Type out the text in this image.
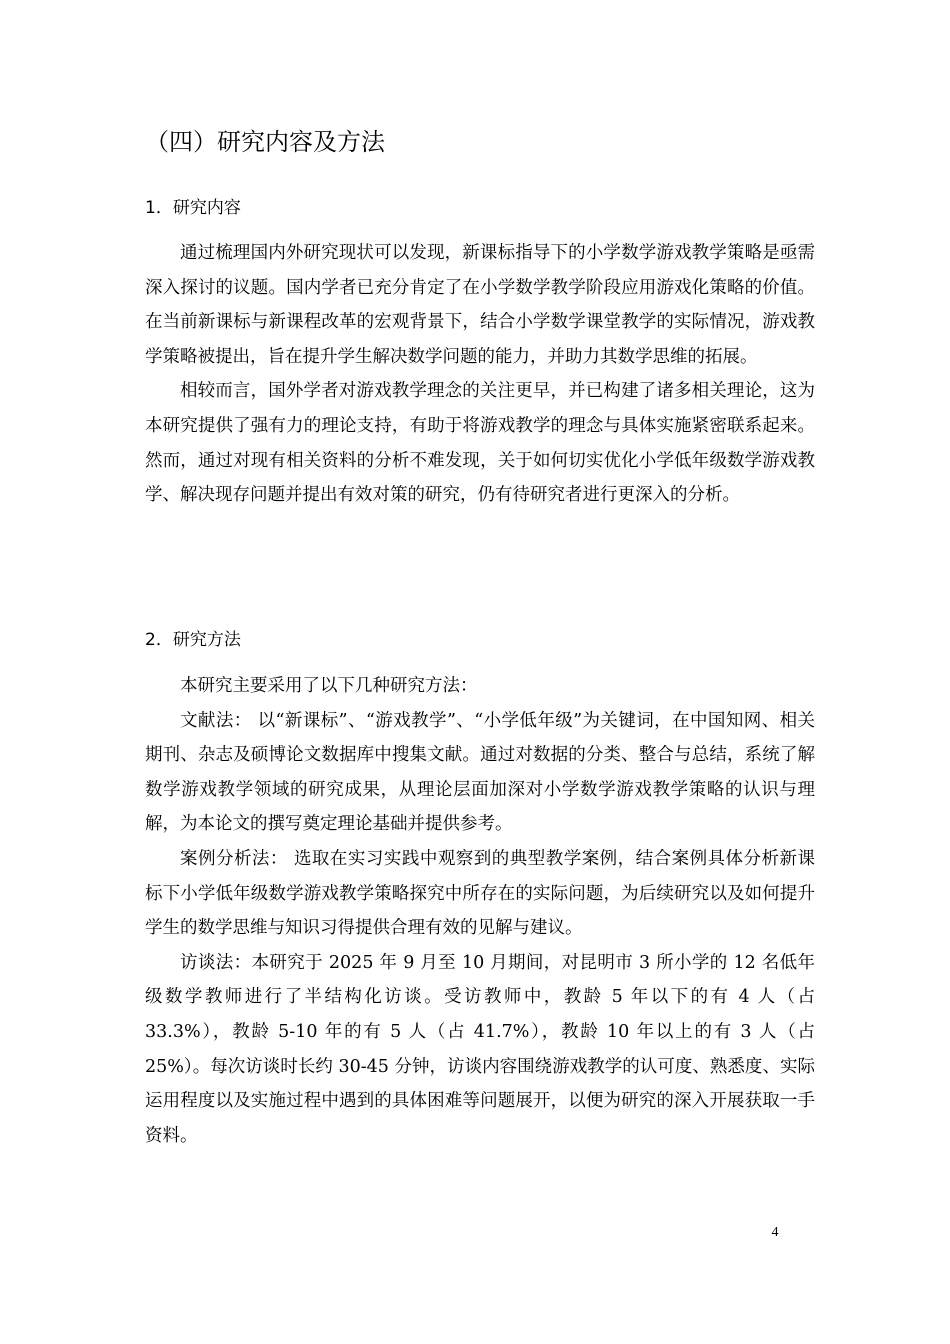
（四）研究内容及方法
1．研究内容

通过梳理国内外研究现状可以发现，新课标指导下的小学数学游戏教学策略是亟需深入探讨的议题。国内学者已充分肯定了在小学数学教学阶段应用游戏化策略的价值。在当前新课标与新课程改革的宏观背景下，结合小学数学课堂教学的实际情况，游戏教学策略被提出，旨在提升学生解决数学问题的能力，并助力其数学思维的拓展。

相较而言，国外学者对游戏教学理念的关注更早，并已构建了诸多相关理论，这为本研究提供了强有力的理论支持，有助于将游戏教学的理念与具体实施紧密联系起来。然而，通过对现有相关资料的分析不难发现，关于如何切实优化小学低年级数学游戏教学、解决现存问题并提出有效对策的研究，仍有待研究者进行更深入的分析。

2．研究方法

本研究主要采用了以下几种研究方法：

文献法： 以“新课标”、“游戏教学”、“小学低年级”为关键词，在中国知网、相关期刊、杂志及硕博论文数据库中搜集文献。通过对数据的分类、整合与总结，系统了解数学游戏教学领域的研究成果，从理论层面加深对小学数学游戏教学策略的认识与理解，为本论文的撰写奠定理论基础并提供参考。

案例分析法： 选取在实习实践中观察到的典型教学案例，结合案例具体分析新课标下小学低年级数学游戏教学策略探究中所存在的实际问题，为后续研究以及如何提升学生的数学思维与知识习得提供合理有效的见解与建议。

访谈法：本研究于 2025 年 9 月至 10 月期间，对昆明市 3 所小学的 12 名低年级数学教师进行了半结构化访谈。受访教师中，教龄 5 年以下的有 4 人（占 33.3%），教龄 5-10 年的有 5 人（占 41.7%），教龄 10 年以上的有 3 人（占 25%）。每次访谈时长约 30-45 分钟，访谈内容围绕游戏教学的认可度、熟悉度、实际运用程度以及实施过程中遇到的具体困难等问题展开，以便为研究的深入开展获取一手资料。

4
